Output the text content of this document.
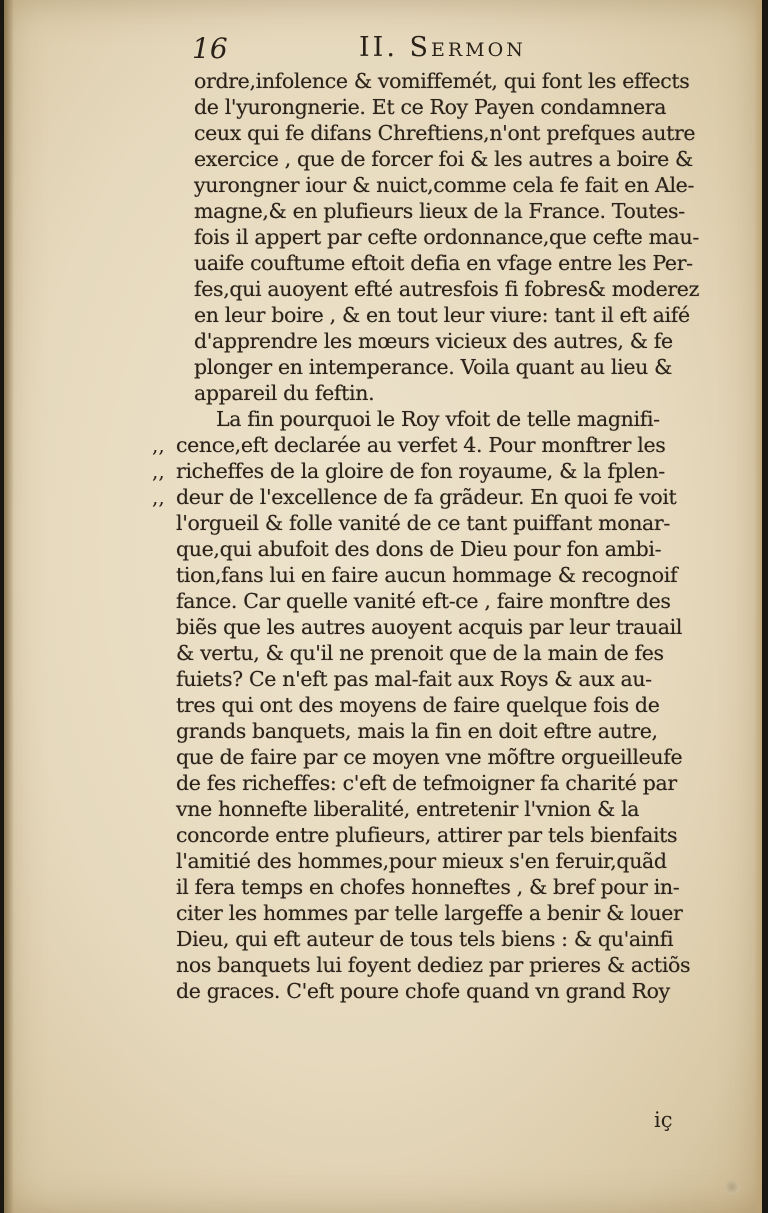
16	II. Sermon
ordre,infolence & vomiffemét, qui font les effects
de l'yurongnerie. Et ce Roy Payen condamnera
ceux qui fe difans Chreftiens,n'ont prefques autre
exercice , que de forcer foi & les autres a boire &
yurongner iour & nuict,comme cela fe fait en Ale-
magne,& en plufieurs lieux de la France. Toutes-
fois il appert par cefte ordonnance,que cefte mau-
uaife couftume eftoit defia en vfage entre les Per-
fes,qui auoyent efté autresfois fi fobres& moderez
en leur boire , & en tout leur viure: tant il eft aifé
d'apprendre les mœurs vicieux des autres, & fe
plonger en intemperance. Voila quant au lieu &
appareil du feftin.
La fin pourquoi le Roy vfoit de telle magnifi-
,, cence,eft declarée au verfet 4. Pour monftrer les
,, richeffes de la gloire de fon royaume, & la fplen-
,, deur de l'excellence de fa grãdeur. En quoi fe voit
l'orgueil & folle vanité de ce tant puiffant monar-
que,qui abufoit des dons de Dieu pour fon ambi-
tion,fans lui en faire aucun hommage & recognoif
fance. Car quelle vanité eft-ce , faire monftre des
biẽs que les autres auoyent acquis par leur trauail
& vertu, & qu'il ne prenoit que de la main de fes
fuiets? Ce n'eft pas mal-fait aux Roys & aux au-
tres qui ont des moyens de faire quelque fois de
grands banquets, mais la fin en doit eftre autre,
que de faire par ce moyen vne mõftre orgueilleufe
de fes richeffes: c'eft de tefmoigner fa charité par
vne honnefte liberalité, entretenir l'vnion & la
concorde entre plufieurs, attirer par tels bienfaits
l'amitié des hommes,pour mieux s'en feruir,quãd
il fera temps en chofes honneftes , & bref pour in-
citer les hommes par telle largeffe a benir & louer
Dieu, qui eft auteur de tous tels biens : & qu'ainfi
nos banquets lui foyent dediez par prieres & actiõs
de graces. C'eft poure chofe quand vn grand Roy
iç
